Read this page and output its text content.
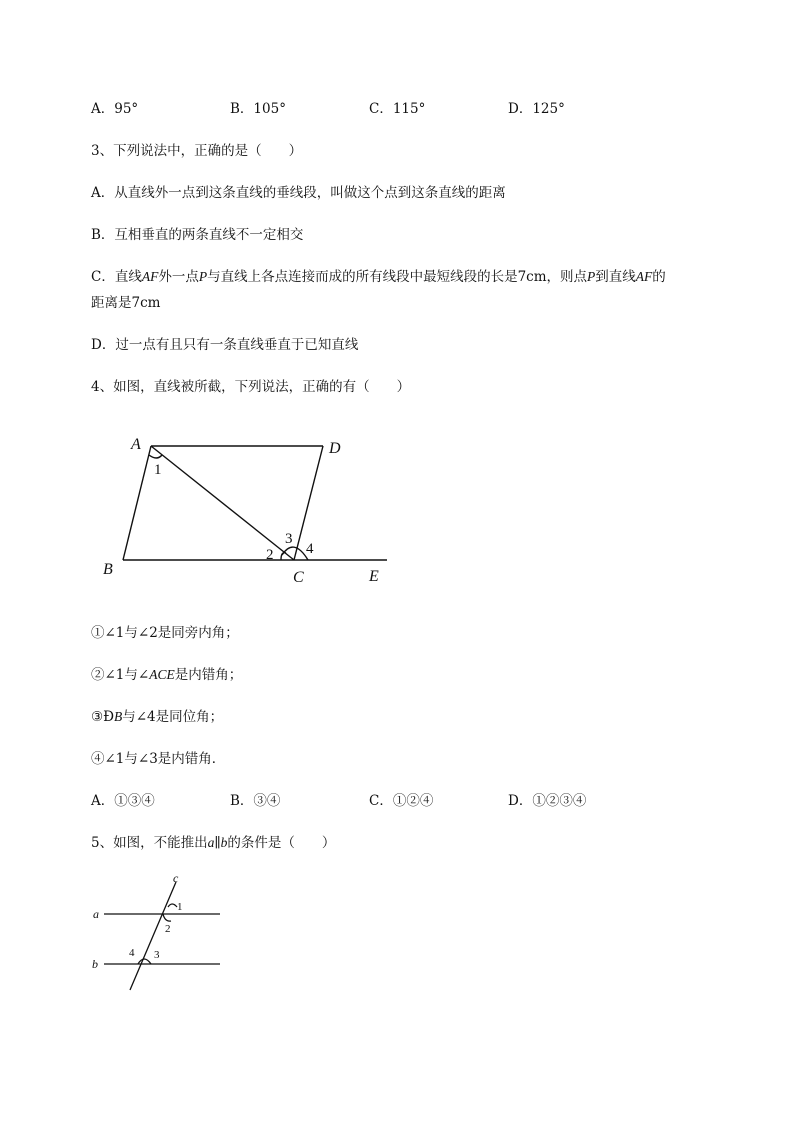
A．95°	B．105°	C．115°	D．125°
3、下列说法中，正确的是（　　）
A．从直线外一点到这条直线的垂线段，叫做这个点到这条直线的距离
B．互相垂直的两条直线不一定相交
C．直线AF外一点P与直线上各点连接而成的所有线段中最短线段的长是7cm，则点P到直线AF的
距离是7cm
D．过一点有且只有一条直线垂直于已知直线
4、如图，直线被所截，下列说法，正确的有（　　）
A	D
B	C	E
1
2
3
4
①∠1与∠2是同旁内角；
②∠1与∠ACE是内错角；
③ÐB与∠4是同位角；
④∠1与∠3是内错角．
A．①③④	B．③④	C．①②④	D．①②③④
5、如图，不能推出a∥b的条件是（　　）
a
b
c
1
2
3
4
